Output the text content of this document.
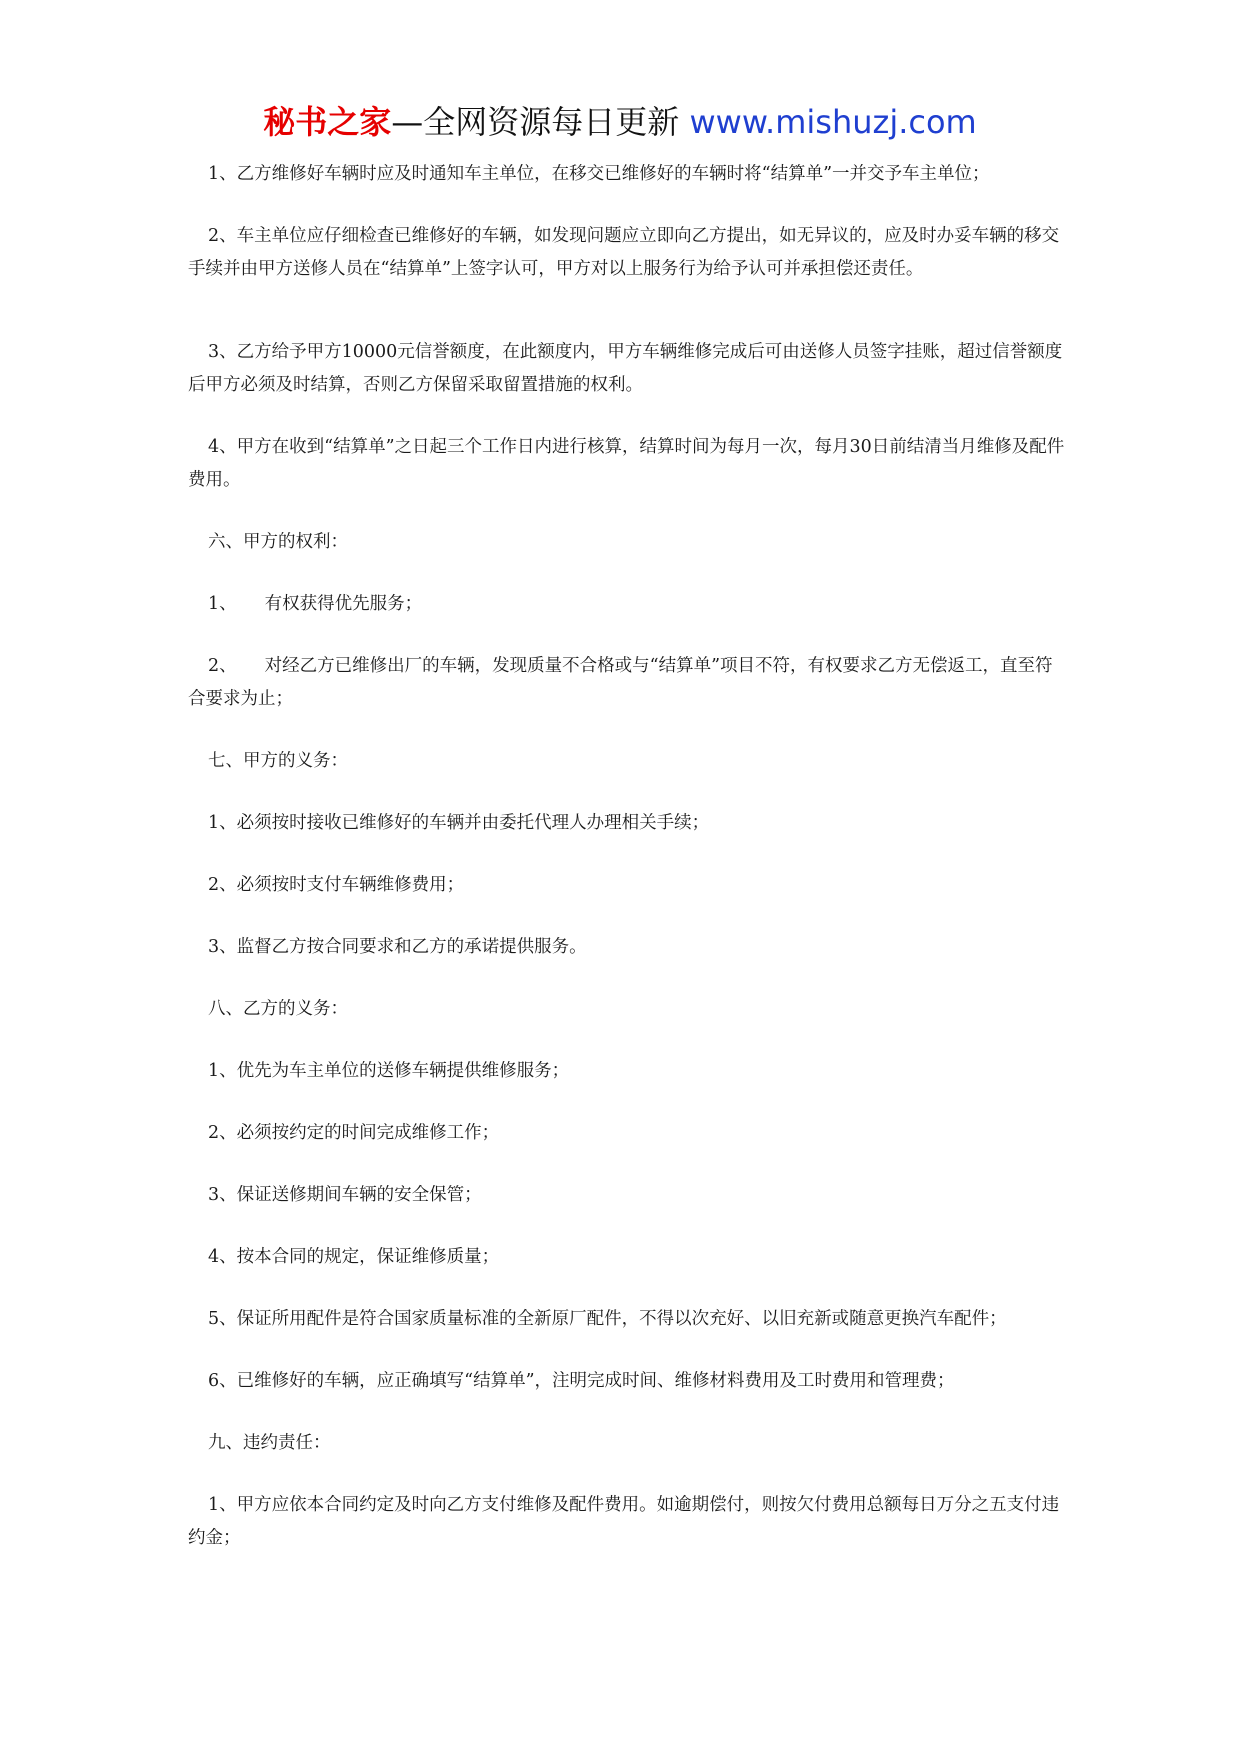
秘书之家—全网资源每日更新 www.mishuzj.com

1、乙方维修好车辆时应及时通知车主单位，在移交已维修好的车辆时将“结算单”一并交予车主单位；

2、车主单位应仔细检查已维修好的车辆，如发现问题应立即向乙方提出，如无异议的，应及时办妥车辆的移交手续并由甲方送修人员在“结算单”上签字认可，甲方对以上服务行为给予认可并承担偿还责任。

3、乙方给予甲方10000元信誉额度，在此额度内，甲方车辆维修完成后可由送修人员签字挂账，超过信誉额度后甲方必须及时结算，否则乙方保留采取留置措施的权利。

4、甲方在收到“结算单”之日起三个工作日内进行核算，结算时间为每月一次，每月30日前结清当月维修及配件费用。

六、甲方的权利：

1、 有权获得优先服务；

2、 对经乙方已维修出厂的车辆，发现质量不合格或与“结算单”项目不符，有权要求乙方无偿返工，直至符合要求为止；

七、甲方的义务：

1、必须按时接收已维修好的车辆并由委托代理人办理相关手续；

2、必须按时支付车辆维修费用；

3、监督乙方按合同要求和乙方的承诺提供服务。

八、乙方的义务：

1、优先为车主单位的送修车辆提供维修服务；

2、必须按约定的时间完成维修工作；

3、保证送修期间车辆的安全保管；

4、按本合同的规定，保证维修质量；

5、保证所用配件是符合国家质量标准的全新原厂配件，不得以次充好、以旧充新或随意更换汽车配件；

6、已维修好的车辆，应正确填写“结算单”，注明完成时间、维修材料费用及工时费用和管理费；

九、违约责任：

1、甲方应依本合同约定及时向乙方支付维修及配件费用。如逾期偿付，则按欠付费用总额每日万分之五支付违约金；
